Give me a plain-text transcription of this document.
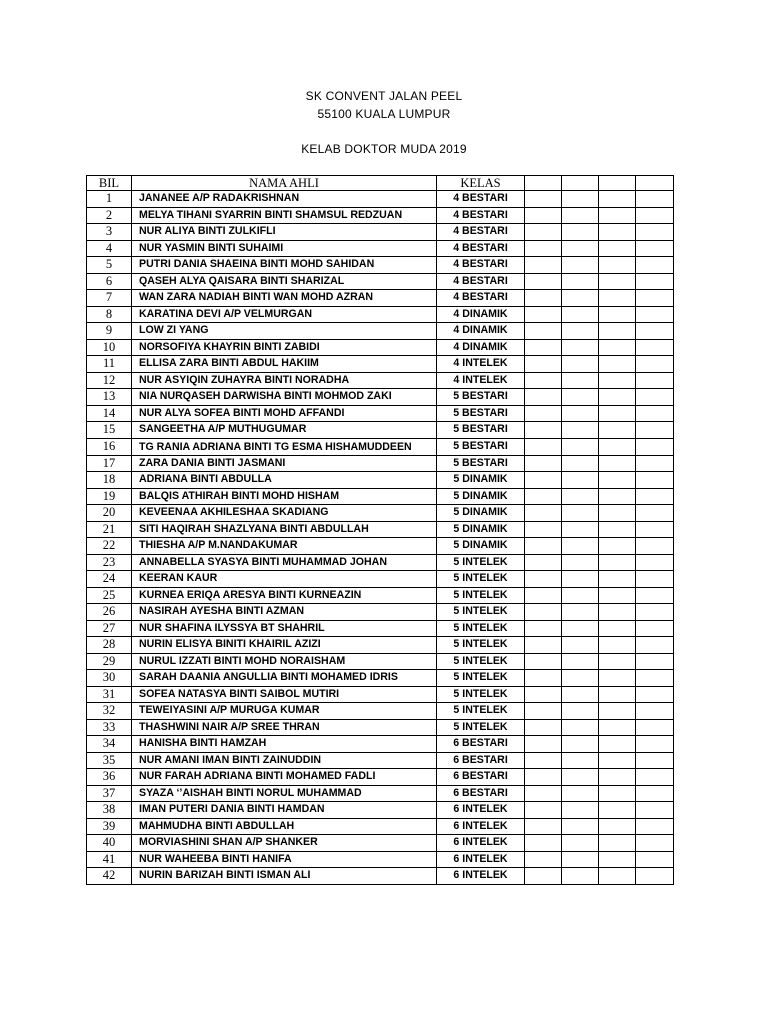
SK CONVENT JALAN PEEL
55100 KUALA LUMPUR
KELAB DOKTOR MUDA 2019
BIL	NAMA AHLI	KELAS				
1	JANANEE A/P RADAKRISHNAN	4 BESTARI				
2	MELYA TIHANI SYARRIN BINTI SHAMSUL REDZUAN	4 BESTARI				
3	NUR ALIYA BINTI ZULKIFLI	4 BESTARI				
4	NUR YASMIN BINTI SUHAIMI	4 BESTARI				
5	PUTRI DANIA SHAEINA BINTI MOHD SAHIDAN	4 BESTARI				
6	QASEH ALYA QAISARA BINTI SHARIZAL	4 BESTARI				
7	WAN ZARA NADIAH BINTI WAN MOHD AZRAN	4 BESTARI				
8	KARATINA DEVI A/P VELMURGAN	4 DINAMIK				
9	LOW ZI YANG	4 DINAMIK				
10	NORSOFIYA KHAYRIN BINTI ZABIDI	4 DINAMIK				
11	ELLISA ZARA BINTI ABDUL HAKIIM	4 INTELEK				
12	NUR ASYIQIN ZUHAYRA BINTI NORADHA	4 INTELEK				
13	NIA NURQASEH DARWISHA BINTI MOHMOD ZAKI	5 BESTARI				
14	NUR ALYA SOFEA BINTI MOHD AFFANDI	5 BESTARI				
15	SANGEETHA A/P MUTHUGUMAR	5 BESTARI				
16	TG RANIA ADRIANA BINTI TG ESMA HISHAMUDDEEN	5 BESTARI				
17	ZARA DANIA BINTI JASMANI	5 BESTARI				
18	ADRIANA BINTI ABDULLA	5 DINAMIK				
19	BALQIS ATHIRAH BINTI MOHD HISHAM	5 DINAMIK				
20	KEVEENAA AKHILESHAA SKADIANG	5 DINAMIK				
21	SITI HAQIRAH SHAZLYANA BINTI ABDULLAH	5 DINAMIK				
22	THIESHA A/P M.NANDAKUMAR	5 DINAMIK				
23	ANNABELLA SYASYA BINTI MUHAMMAD JOHAN	5 INTELEK				
24	KEERAN KAUR	5 INTELEK				
25	KURNEA ERIQA ARESYA BINTI KURNEAZIN	5 INTELEK				
26	NASIRAH AYESHA BINTI AZMAN	5 INTELEK				
27	NUR SHAFINA ILYSSYA BT SHAHRIL	5 INTELEK				
28	NURIN ELISYA BINITI KHAIRIL AZIZI	5 INTELEK				
29	NURUL IZZATI BINTI MOHD NORAISHAM	5 INTELEK				
30	SARAH DAANIA ANGULLIA BINTI MOHAMED IDRIS	5 INTELEK				
31	SOFEA NATASYA BINTI SAIBOL MUTIRI	5 INTELEK				
32	TEWEIYASINI A/P MURUGA KUMAR	5 INTELEK				
33	THASHWINI NAIR A/P SREE THRAN	5 INTELEK				
34	HANISHA BINTI HAMZAH	6 BESTARI				
35	NUR AMANI IMAN BINTI ZAINUDDIN	6 BESTARI				
36	NUR FARAH ADRIANA BINTI MOHAMED FADLI	6 BESTARI				
37	SYAZA ‘’AISHAH BINTI NORUL MUHAMMAD	6 BESTARI				
38	IMAN PUTERI DANIA BINTI HAMDAN	6 INTELEK				
39	MAHMUDHA BINTI ABDULLAH	6 INTELEK				
40	MORVIASHINI SHAN A/P SHANKER	6 INTELEK				
41	NUR WAHEEBA BINTI HANIFA	6 INTELEK				
42	NURIN BARIZAH BINTI ISMAN ALI	6 INTELEK				
